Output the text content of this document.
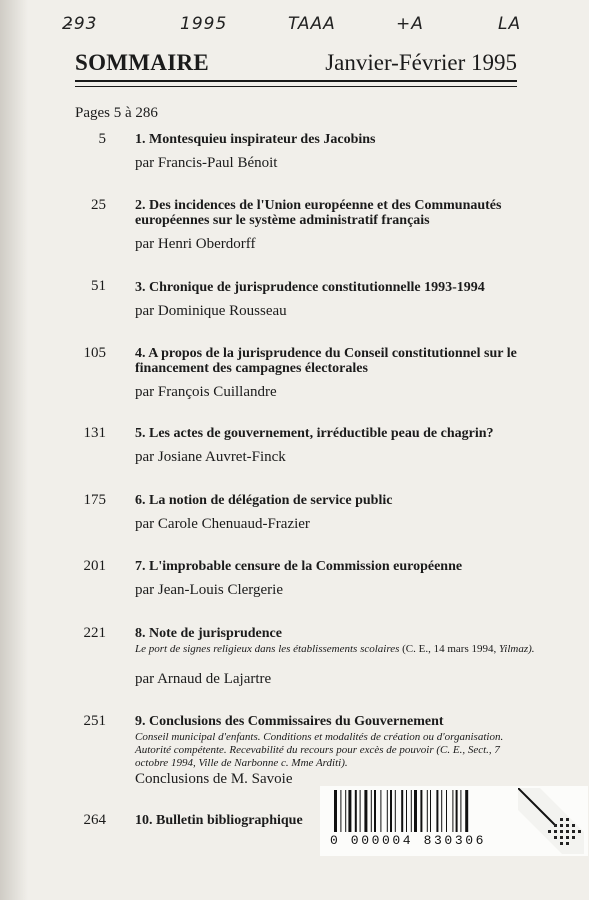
2̵93	1995	TAAA	+A	LA
SOMMAIRE	Janvier-Février 1995
Pages 5 à 286
5 1. Montesquieu inspirateur des Jacobins
par Francis-Paul Bénoit
25 2. Des incidences de l'Union européenne et des Communautés européennes sur le système administratif français
par Henri Oberdorff
51 3. Chronique de jurisprudence constitutionnelle 1993-1994
par Dominique Rousseau
105 4. A propos de la jurisprudence du Conseil constitutionnel sur le financement des campagnes électorales
par François Cuillandre
131 5. Les actes de gouvernement, irréductible peau de chagrin?
par Josiane Auvret-Finck
175 6. La notion de délégation de service public
par Carole Chenuaud-Frazier
201 7. L'improbable censure de la Commission européenne
par Jean-Louis Clergerie
221 8. Note de jurisprudence
Le port de signes religieux dans les établissements scolaires (C. E., 14 mars 1994, Yilmaz).
par Arnaud de Lajartre
251 9. Conclusions des Commissaires du Gouvernement
Conseil municipal d'enfants. Conditions et modalités de création ou d'organisation. Autorité compétente. Recevabilité du recours pour excès de pouvoir (C. E., Sect., 7 octobre 1994, Ville de Narbonne c. Mme Arditi).
Conclusions de M. Savoie
264 10. Bulletin bibliographique
0 000004 830306
